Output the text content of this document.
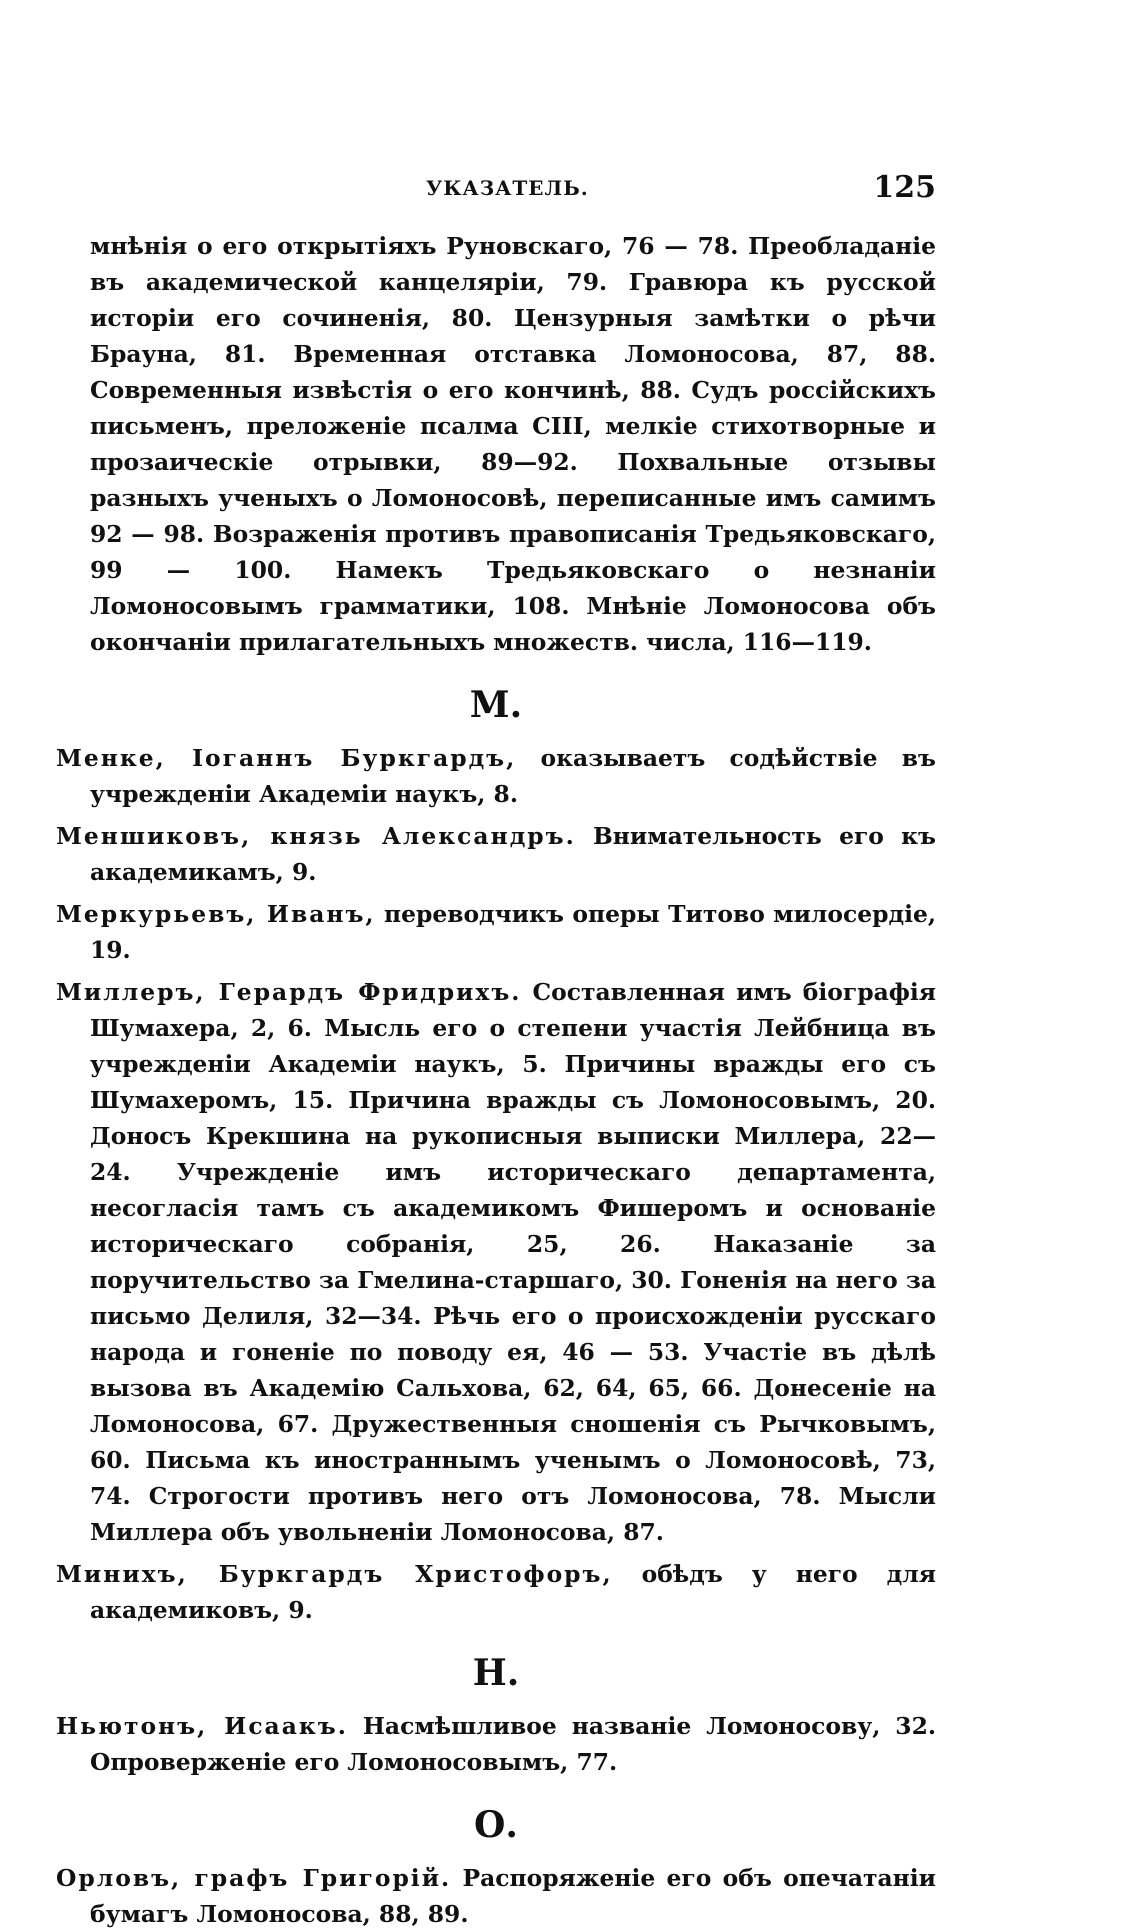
УКАЗАТЕЛЬ.	125

мнѣнія о его открытіяхъ Руновскаго, 76 — 78. Преобладаніе въ академической канцеляріи, 79. Гравюра къ русской исторіи его сочиненія, 80. Цензурныя замѣтки о рѣчи Брауна, 81. Временная отставка Ломоносова, 87, 88. Современныя извѣстія о его кончинѣ, 88. Судъ россійскихъ письменъ, преложеніе псалма CIII, мелкіе стихотворные и прозаическіе отрывки, 89—92. Похвальные отзывы разныхъ ученыхъ о Ломоносовѣ, переписанные имъ самимъ 92 — 98. Возраженія противъ правописанія Тредьяковскаго, 99 — 100. Намекъ Тредьяковскаго о незнаніи Ломоносовымъ грамматики, 108. Мнѣніе Ломоносова объ окончаніи прилагательныхъ множеств. числа, 116—119.

М.

Менке, Іоганнъ Буркгардъ, оказываетъ содѣйствіе въ учрежденіи Академіи наукъ, 8.

Меншиковъ, князь Александръ. Внимательность его къ академикамъ, 9.

Меркурьевъ, Иванъ, переводчикъ оперы Титово милосердіе, 19.

Миллеръ, Герардъ Фридрихъ. Составленная имъ біографія Шумахера, 2, 6. Мысль его о степени участія Лейбница въ учрежденіи Академіи наукъ, 5. Причины вражды его съ Шумахеромъ, 15. Причина вражды съ Ломоносовымъ, 20. Доносъ Крекшина на рукописныя выписки Миллера, 22—24. Учрежденіе имъ историческаго департамента, несогласія тамъ съ академикомъ Фишеромъ и основаніе историческаго собранія, 25, 26. Наказаніе за поручительство за Гмелина-старшаго, 30. Гоненія на него за письмо Делиля, 32—34. Рѣчь его о происхожденіи русскаго народа и гоненіе по поводу ея, 46 — 53. Участіе въ дѣлѣ вызова въ Академію Сальхова, 62, 64, 65, 66. Донесеніе на Ломоносова, 67. Дружественныя сношенія съ Рычковымъ, 60. Письма къ иностраннымъ ученымъ о Ломоносовѣ, 73, 74. Строгости противъ него отъ Ломоносова, 78. Мысли Миллера объ увольненіи Ломоносова, 87.

Минихъ, Буркгардъ Христофоръ, обѣдъ у него для академиковъ, 9.

Н.

Ньютонъ, Исаакъ. Насмѣшливое названіе Ломоносову, 32. Опроверженіе его Ломоносовымъ, 77.

О.

Орловъ, графъ Григорій. Распоряженіе его объ опечатаніи бумагъ Ломоносова, 88, 89.
